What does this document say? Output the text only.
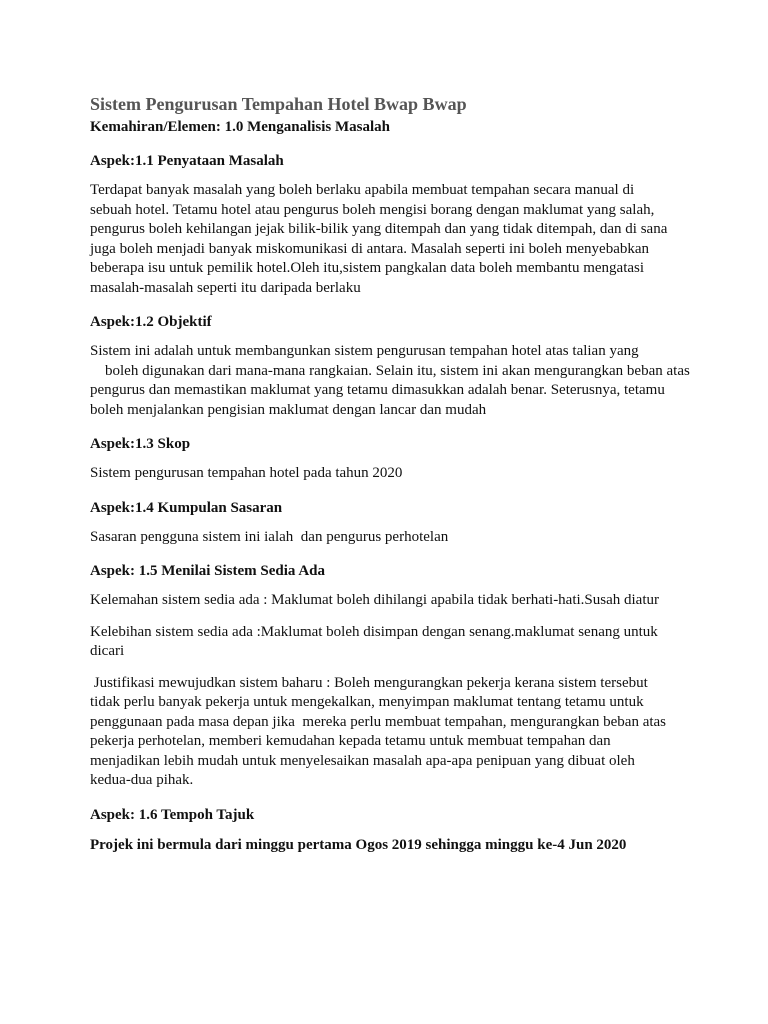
Sistem Pengurusan Tempahan Hotel Bwap Bwap

Kemahiran/Elemen: 1.0 Menganalisis Masalah

Aspek:1.1 Penyataan Masalah

Terdapat banyak masalah yang boleh berlaku apabila membuat tempahan secara manual di
sebuah hotel. Tetamu hotel atau pengurus boleh mengisi borang dengan maklumat yang salah,
pengurus boleh kehilangan jejak bilik-bilik yang ditempah dan yang tidak ditempah, dan di sana
juga boleh menjadi banyak miskomunikasi di antara. Masalah seperti ini boleh menyebabkan
beberapa isu untuk pemilik hotel.Oleh itu,sistem pangkalan data boleh membantu mengatasi
masalah-masalah seperti itu daripada berlaku

Aspek:1.2 Objektif

Sistem ini adalah untuk membangunkan sistem pengurusan tempahan hotel atas talian yang
boleh digunakan dari mana-mana rangkaian. Selain itu, sistem ini akan mengurangkan beban atas
pengurus dan memastikan maklumat yang tetamu dimasukkan adalah benar. Seterusnya, tetamu
boleh menjalankan pengisian maklumat dengan lancar dan mudah

Aspek:1.3 Skop

Sistem pengurusan tempahan hotel pada tahun 2020

Aspek:1.4 Kumpulan Sasaran

Sasaran pengguna sistem ini ialah  dan pengurus perhotelan

Aspek: 1.5 Menilai Sistem Sedia Ada

Kelemahan sistem sedia ada : Maklumat boleh dihilangi apabila tidak berhati-hati.Susah diatur

Kelebihan sistem sedia ada :Maklumat boleh disimpan dengan senang.maklumat senang untuk
dicari

Justifikasi mewujudkan sistem baharu : Boleh mengurangkan pekerja kerana sistem tersebut
tidak perlu banyak pekerja untuk mengekalkan, menyimpan maklumat tentang tetamu untuk
penggunaan pada masa depan jika  mereka perlu membuat tempahan, mengurangkan beban atas
pekerja perhotelan, memberi kemudahan kepada tetamu untuk membuat tempahan dan
menjadikan lebih mudah untuk menyelesaikan masalah apa-apa penipuan yang dibuat oleh
kedua-dua pihak.

Aspek: 1.6 Tempoh Tajuk

Projek ini bermula dari minggu pertama Ogos 2019 sehingga minggu ke-4 Jun 2020
